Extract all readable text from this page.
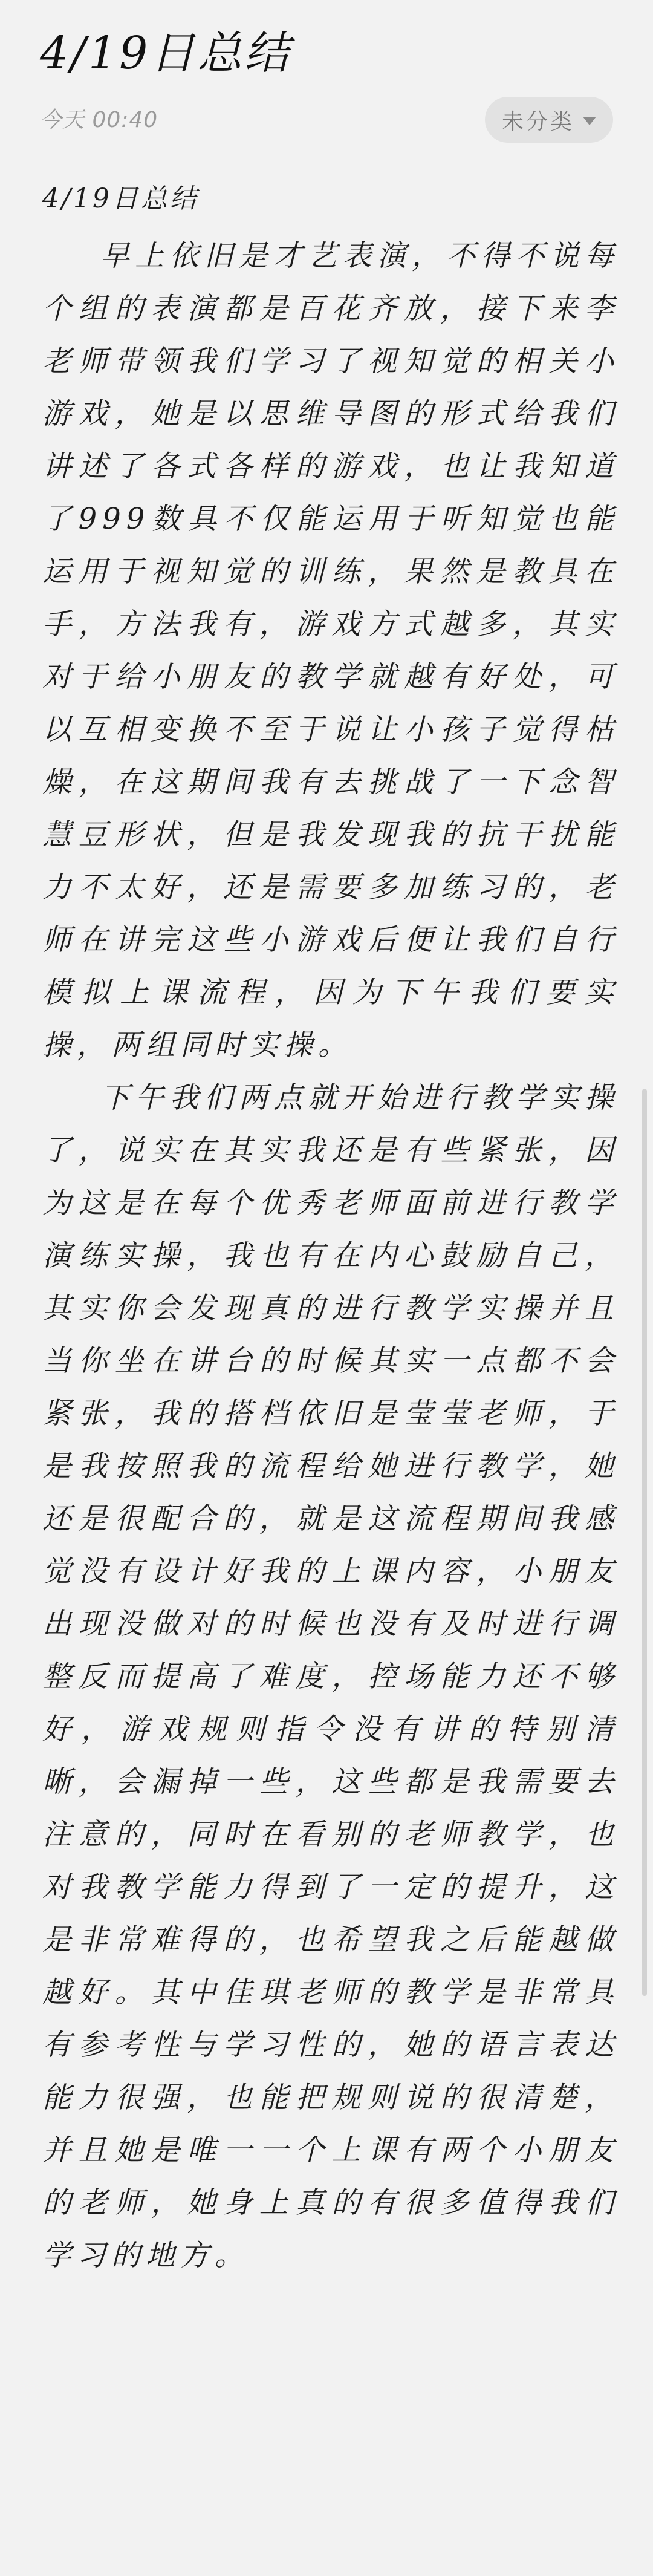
4/19日总结
今天 00:40	未分类

4/19日总结

早上依旧是才艺表演，不得不说每个组的表演都是百花齐放，接下来李老师带领我们学习了视知觉的相关小游戏，她是以思维导图的形式给我们讲述了各式各样的游戏，也让我知道了999数具不仅能运用于听知觉也能运用于视知觉的训练，果然是教具在手，方法我有，游戏方式越多，其实对于给小朋友的教学就越有好处，可以互相变换不至于说让小孩子觉得枯燥，在这期间我有去挑战了一下念智慧豆形状，但是我发现我的抗干扰能力不太好，还是需要多加练习的，老师在讲完这些小游戏后便让我们自行模拟上课流程，因为下午我们要实操，两组同时实操。

下午我们两点就开始进行教学实操了，说实在其实我还是有些紧张，因为这是在每个优秀老师面前进行教学演练实操，我也有在内心鼓励自己，其实你会发现真的进行教学实操并且当你坐在讲台的时候其实一点都不会紧张，我的搭档依旧是莹莹老师，于是我按照我的流程给她进行教学，她还是很配合的，就是这流程期间我感觉没有设计好我的上课内容，小朋友出现没做对的时候也没有及时进行调整反而提高了难度，控场能力还不够好，游戏规则指令没有讲的特别清晰，会漏掉一些，这些都是我需要去注意的，同时在看别的老师教学，也对我教学能力得到了一定的提升，这是非常难得的，也希望我之后能越做越好。其中佳琪老师的教学是非常具有参考性与学习性的，她的语言表达能力很强，也能把规则说的很清楚，并且她是唯一一个上课有两个小朋友的老师，她身上真的有很多值得我们学习的地方。
